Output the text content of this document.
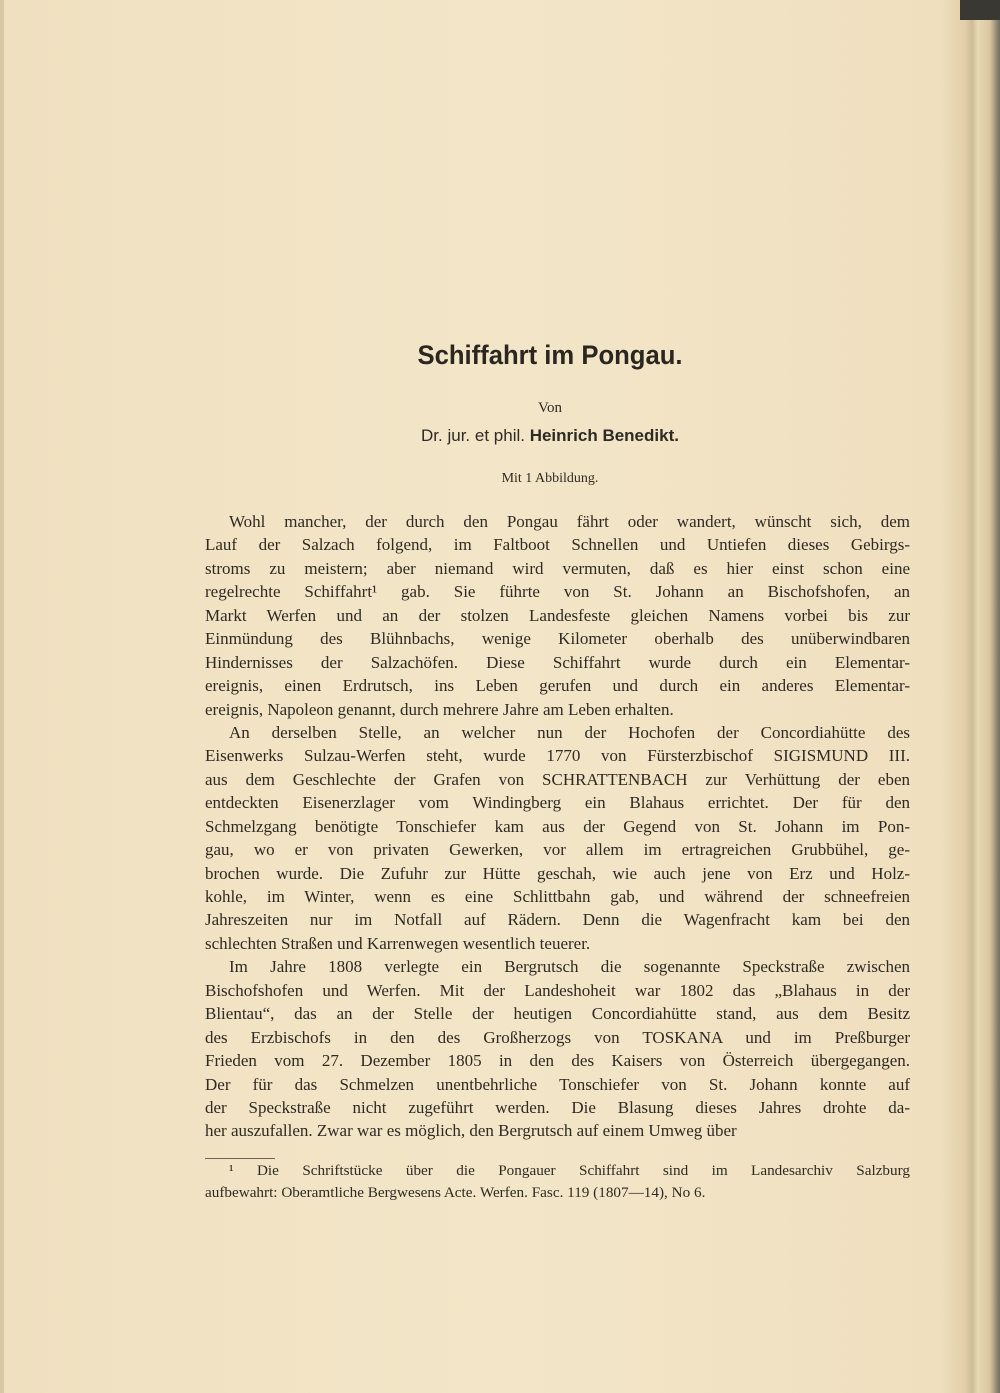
Schiffahrt im Pongau.
Von
Dr. jur. et phil. Heinrich Benedikt.
Mit 1 Abbildung.
Wohl mancher, der durch den Pongau fährt oder wandert, wünscht sich, dem
Lauf der Salzach folgend, im Faltboot Schnellen und Untiefen dieses Gebirgs-
stroms zu meistern; aber niemand wird vermuten, daß es hier einst schon eine
regelrechte Schiffahrt¹ gab. Sie führte von St. Johann an Bischofshofen, an
Markt Werfen und an der stolzen Landesfeste gleichen Namens vorbei bis zur
Einmündung des Blühnbachs, wenige Kilometer oberhalb des unüberwindbaren
Hindernisses der Salzachöfen. Diese Schiffahrt wurde durch ein Elementar-
ereignis, einen Erdrutsch, ins Leben gerufen und durch ein anderes Elementar-
ereignis, Napoleon genannt, durch mehrere Jahre am Leben erhalten.
An derselben Stelle, an welcher nun der Hochofen der Concordiahütte des
Eisenwerks Sulzau-Werfen steht, wurde 1770 von Fürsterzbischof SIGISMUND III.
aus dem Geschlechte der Grafen von SCHRATTENBACH zur Verhüttung der eben
entdeckten Eisenerzlager vom Windingberg ein Blahaus errichtet. Der für den
Schmelzgang benötigte Tonschiefer kam aus der Gegend von St. Johann im Pon-
gau, wo er von privaten Gewerken, vor allem im ertragreichen Grubbühel, ge-
brochen wurde. Die Zufuhr zur Hütte geschah, wie auch jene von Erz und Holz-
kohle, im Winter, wenn es eine Schlittbahn gab, und während der schneefreien
Jahreszeiten nur im Notfall auf Rädern. Denn die Wagenfracht kam bei den
schlechten Straßen und Karrenwegen wesentlich teuerer.
Im Jahre 1808 verlegte ein Bergrutsch die sogenannte Speckstraße zwischen
Bischofshofen und Werfen. Mit der Landeshoheit war 1802 das „Blahaus in der
Blientau“, das an der Stelle der heutigen Concordiahütte stand, aus dem Besitz
des Erzbischofs in den des Großherzogs von TOSKANA und im Preßburger
Frieden vom 27. Dezember 1805 in den des Kaisers von Österreich übergegangen.
Der für das Schmelzen unentbehrliche Tonschiefer von St. Johann konnte auf
der Speckstraße nicht zugeführt werden. Die Blasung dieses Jahres drohte da-
her auszufallen. Zwar war es möglich, den Bergrutsch auf einem Umweg über
¹ Die Schriftstücke über die Pongauer Schiffahrt sind im Landesarchiv Salzburg
aufbewahrt: Oberamtliche Bergwesens Acte. Werfen. Fasc. 119 (1807—14), No 6.
